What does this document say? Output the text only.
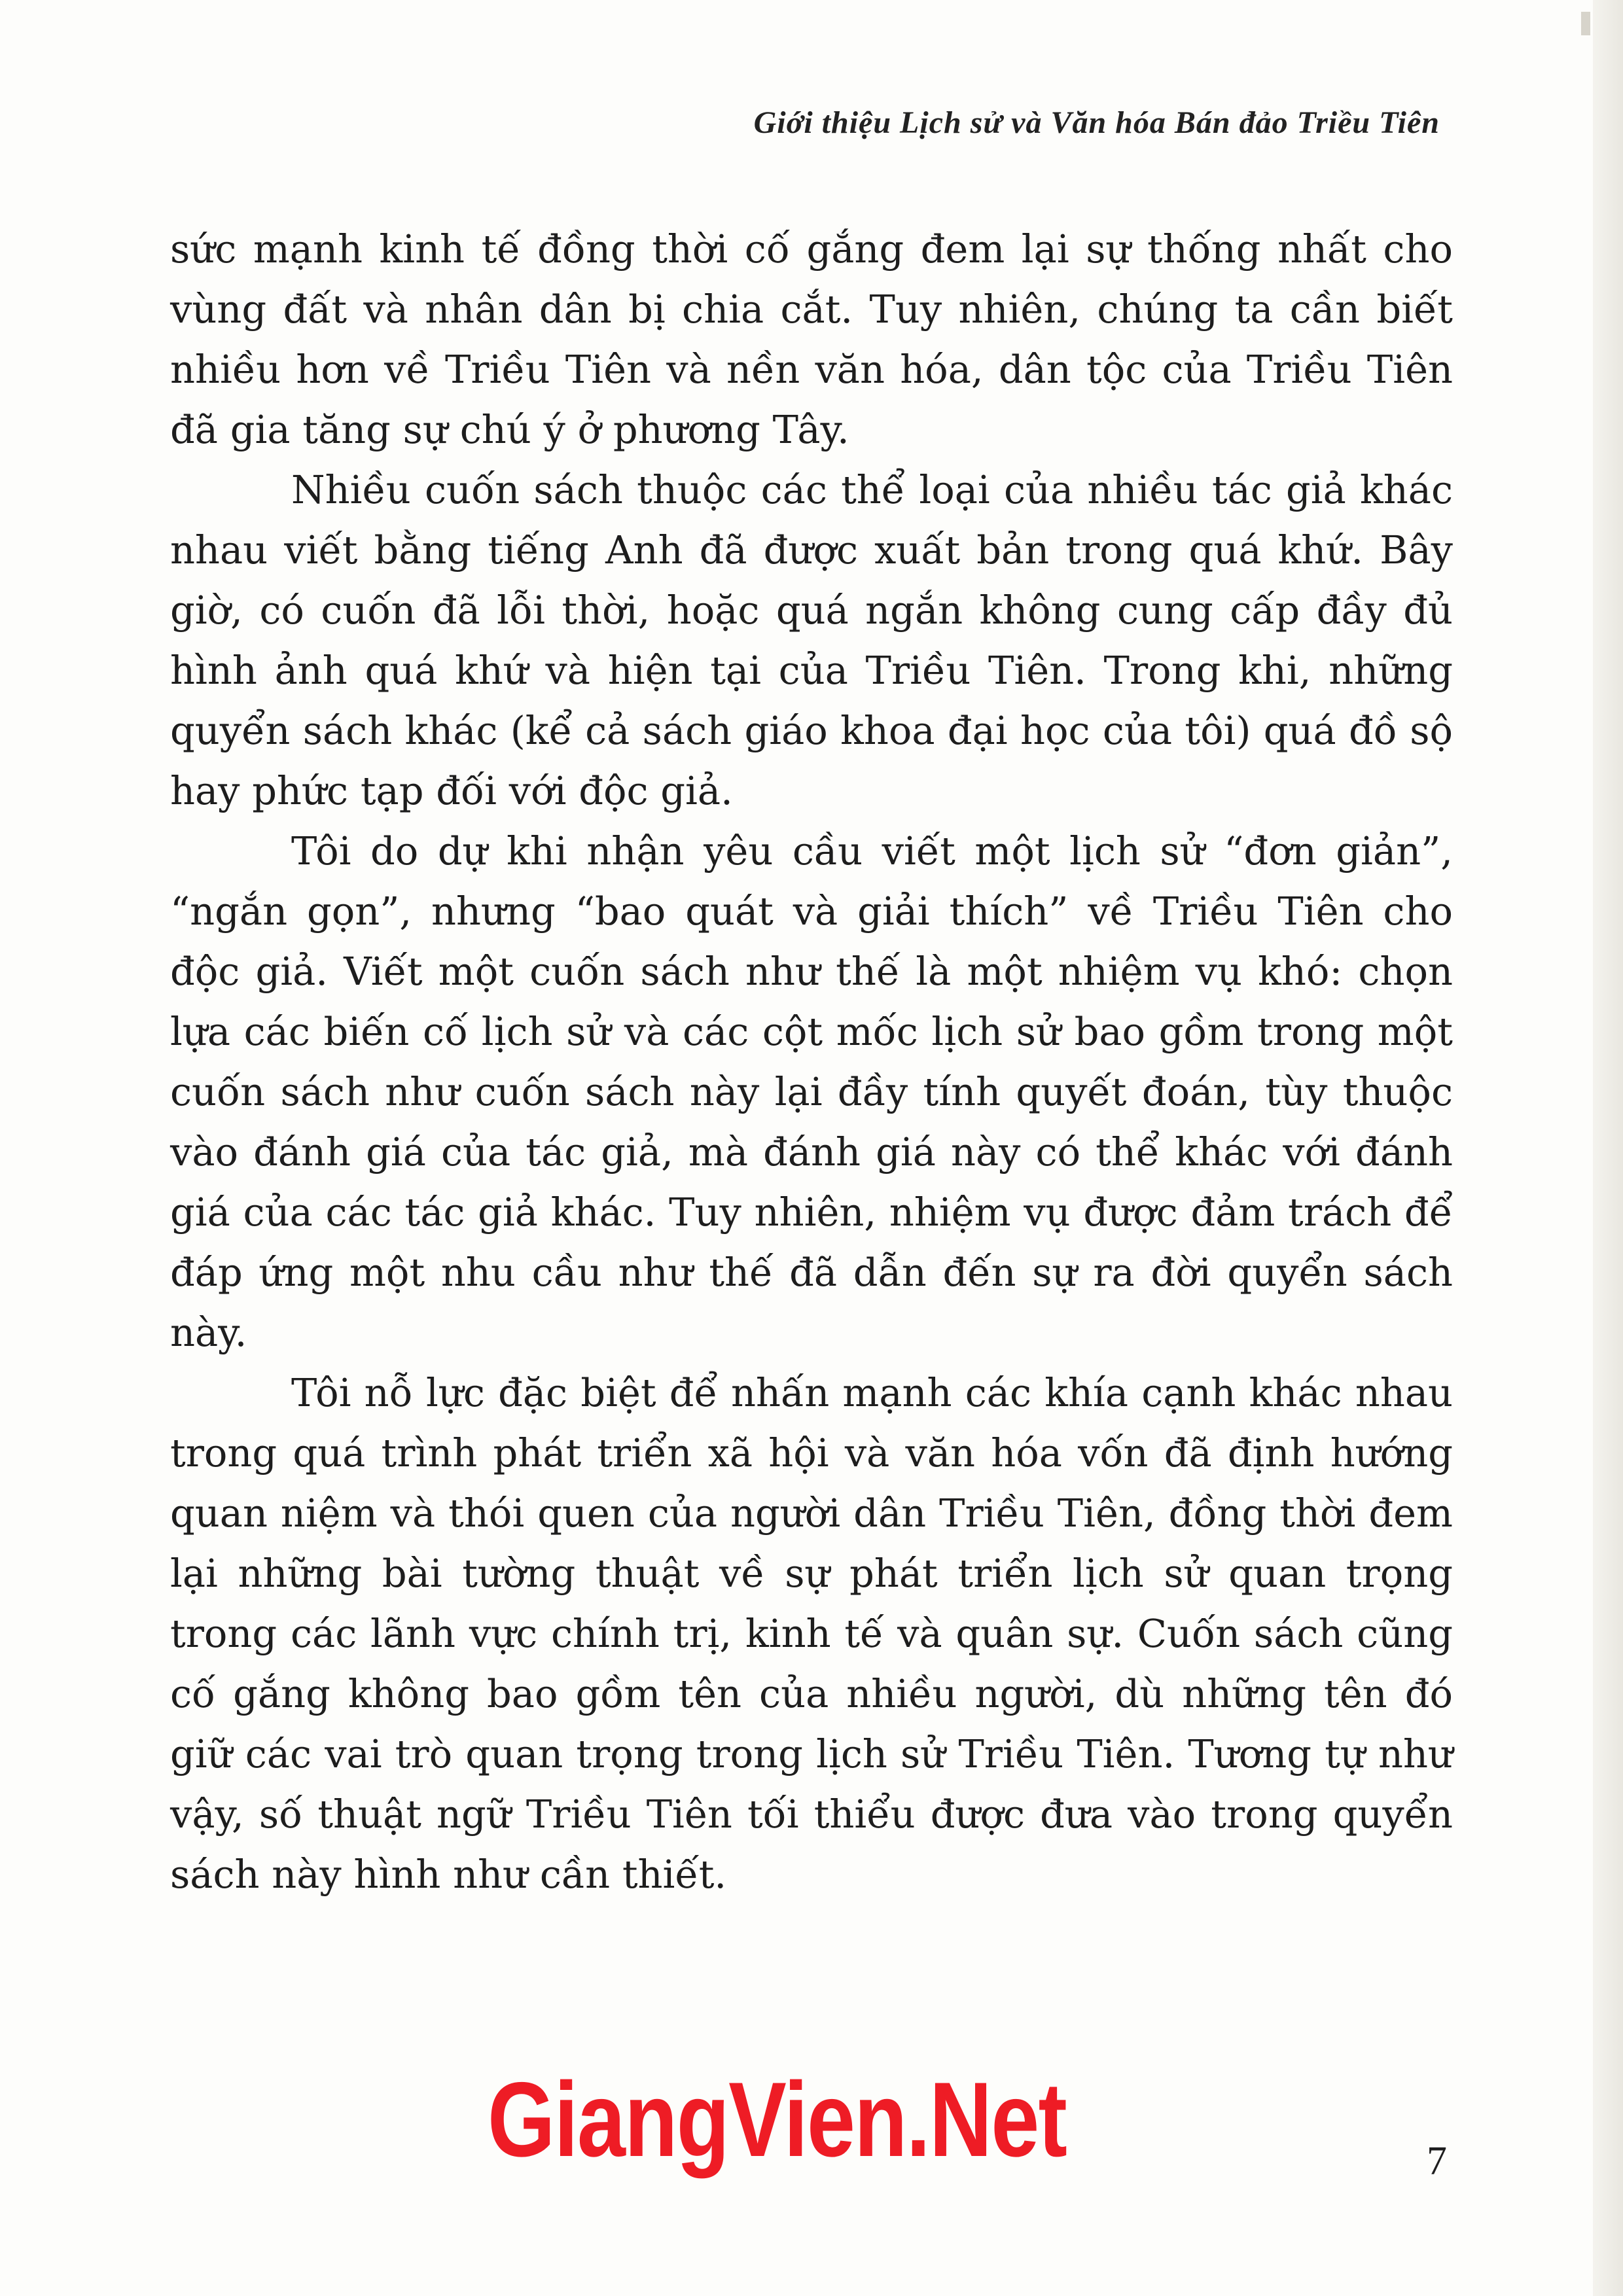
Giới thiệu Lịch sử và Văn hóa Bán đảo Triều Tiên

sức mạnh kinh tế đồng thời cố gắng đem lại sự thống nhất cho vùng đất và nhân dân bị chia cắt. Tuy nhiên, chúng ta cần biết nhiều hơn về Triều Tiên và nền văn hóa, dân tộc của Triều Tiên đã gia tăng sự chú ý ở phương Tây.

Nhiều cuốn sách thuộc các thể loại của nhiều tác giả khác nhau viết bằng tiếng Anh đã được xuất bản trong quá khứ. Bây giờ, có cuốn đã lỗi thời, hoặc quá ngắn không cung cấp đầy đủ hình ảnh quá khứ và hiện tại của Triều Tiên. Trong khi, những quyển sách khác (kể cả sách giáo khoa đại học của tôi) quá đồ sộ hay phức tạp đối với độc giả.

Tôi do dự khi nhận yêu cầu viết một lịch sử “đơn giản”, “ngắn gọn”, nhưng “bao quát và giải thích” về Triều Tiên cho độc giả. Viết một cuốn sách như thế là một nhiệm vụ khó: chọn lựa các biến cố lịch sử và các cột mốc lịch sử bao gồm trong một cuốn sách như cuốn sách này lại đầy tính quyết đoán, tùy thuộc vào đánh giá của tác giả, mà đánh giá này có thể khác với đánh giá của các tác giả khác. Tuy nhiên, nhiệm vụ được đảm trách để đáp ứng một nhu cầu như thế đã dẫn đến sự ra đời quyển sách này.

Tôi nỗ lực đặc biệt để nhấn mạnh các khía cạnh khác nhau trong quá trình phát triển xã hội và văn hóa vốn đã định hướng quan niệm và thói quen của người dân Triều Tiên, đồng thời đem lại những bài tường thuật về sự phát triển lịch sử quan trọng trong các lãnh vực chính trị, kinh tế và quân sự. Cuốn sách cũng cố gắng không bao gồm tên của nhiều người, dù những tên đó giữ các vai trò quan trọng trong lịch sử Triều Tiên. Tương tự như vậy, số thuật ngữ Triều Tiên tối thiểu được đưa vào trong quyển sách này hình như cần thiết.

GiangVien.Net	7
